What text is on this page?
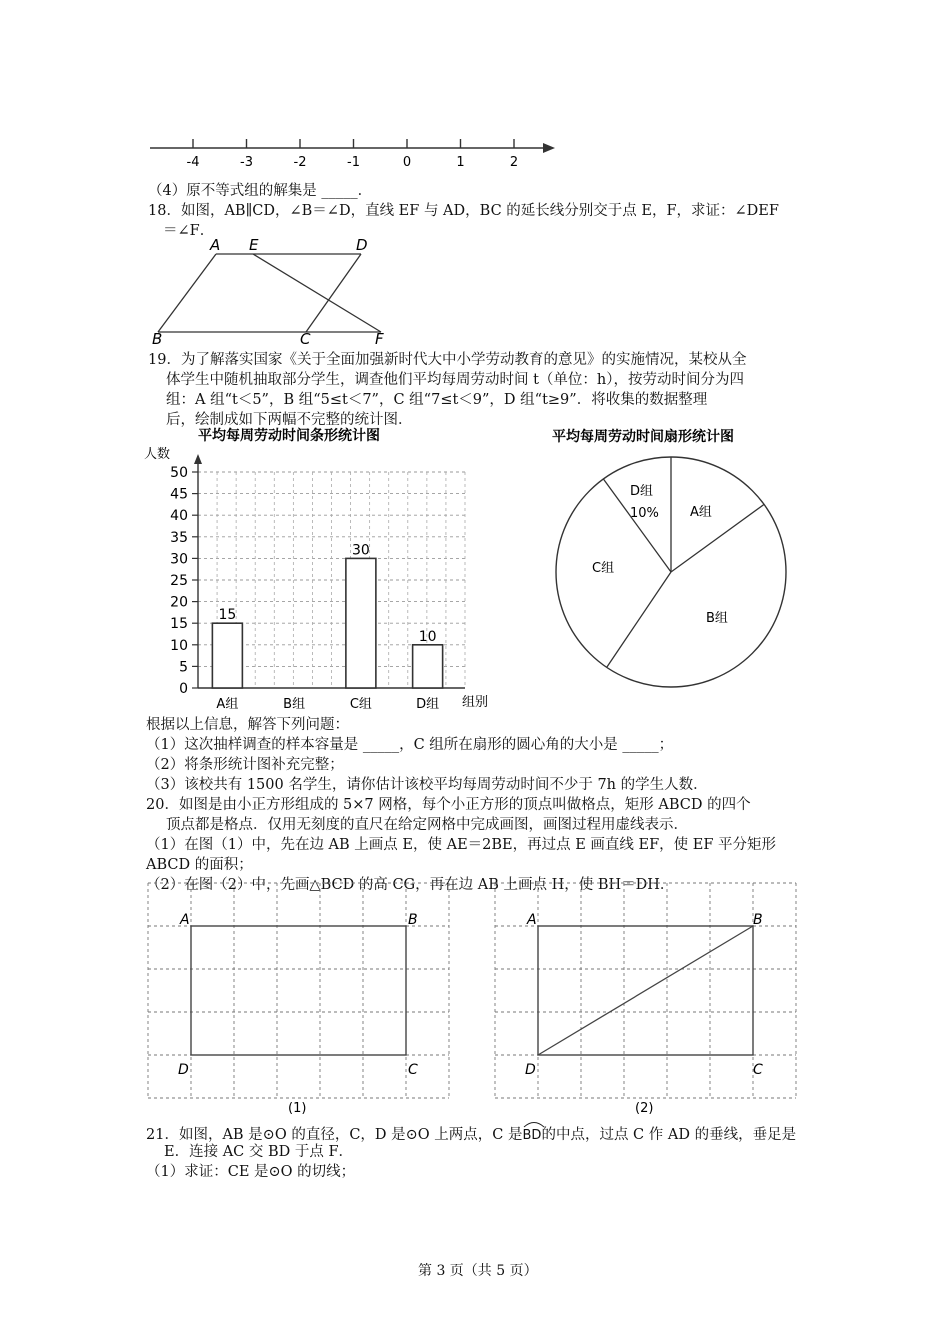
-4	-3	-2	-1	0	1	2
（4）原不等式组的解集是 _____．
18．如图，AB∥CD，∠B＝∠D，直线 EF 与 AD，BC 的延长线分别交于点 E，F，求证：∠DEF
＝∠F．
A E	D
B	C	F
19．为了解落实国家《关于全面加强新时代大中小学劳动教育的意见》的实施情况，某校从全
体学生中随机抽取部分学生，调查他们平均每周劳动时间 t（单位：h），按劳动时间分为四
组：A 组“t＜5”，B 组“5≤t＜7”，C 组“7≤t＜9”，D 组“t≥9”．将收集的数据整理
后，绘制成如下两幅不完整的统计图．
平均每周劳动时间条形统计图
人数
0
5
10
15
20
25
30
35
40
45
50
15
30
10
A组	B组	C组	D组 组别
平均每周劳动时间扇形统计图
D组
10% A组
C组
B组
根据以上信息，解答下列问题：
（1）这次抽样调查的样本容量是 _____，C 组所在扇形的圆心角的大小是 _____；
（2）将条形统计图补充完整；
（3）该校共有 1500 名学生，请你估计该校平均每周劳动时间不少于 7h 的学生人数．
20．如图是由小正方形组成的 5×7 网格，每个小正方形的顶点叫做格点，矩形 ABCD 的四个
顶点都是格点．仅用无刻度的直尺在给定网格中完成画图，画图过程用虚线表示．
（1）在图（1）中，先在边 AB 上画点 E，使 AE＝2BE，再过点 E 画直线 EF，使 EF 平分矩形
ABCD 的面积；
（2）在图（2）中，先画△BCD 的高 CG，再在边 AB 上画点 H，使 BH＝DH．
A	B
D	C
(1)
A	B
D	C
(2)
21．如图，AB 是⊙O 的直径，C，D 是⊙O 上两点，C 是
BD的中点，过点 C 作 AD 的垂线，垂足是
E．连接 AC 交 BD 于点 F．
（1）求证：CE 是⊙O 的切线；
第 3 页（共 5 页）
